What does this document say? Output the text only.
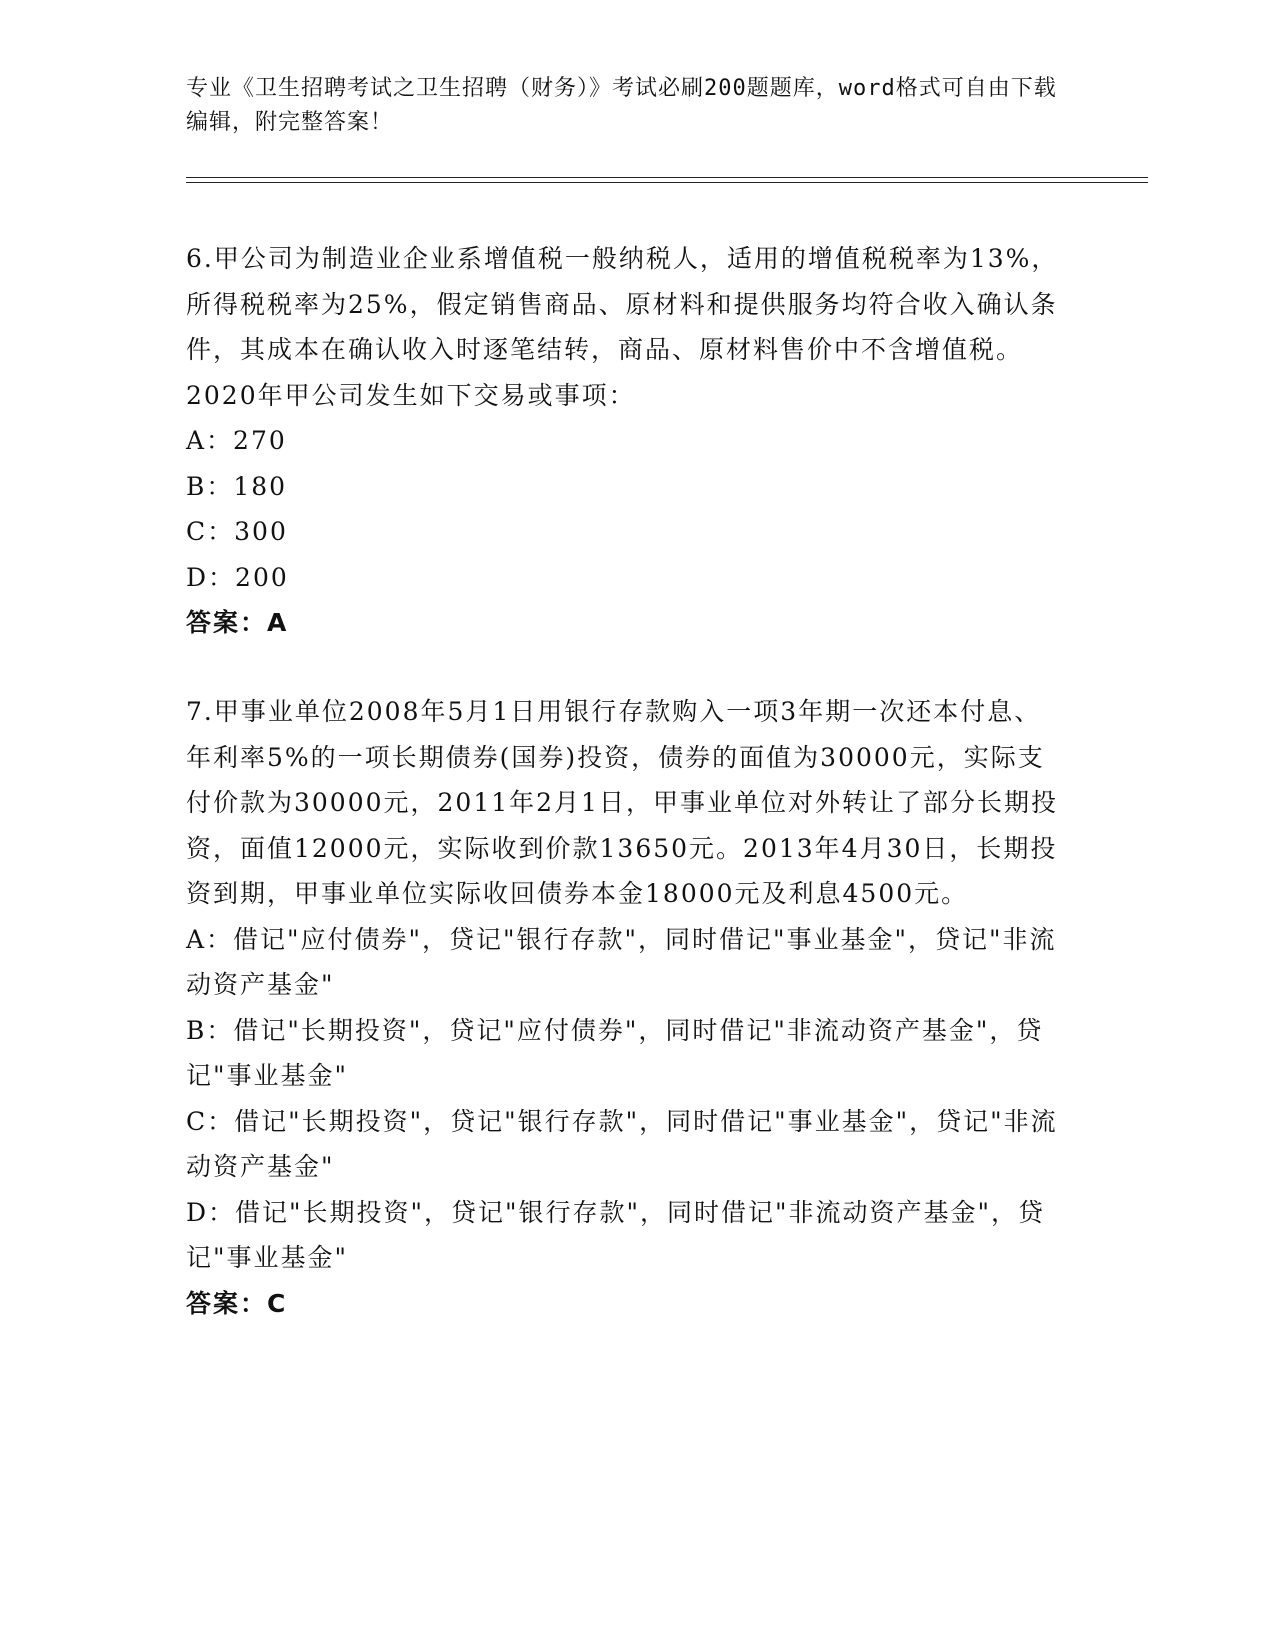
专业《卫生招聘考试之卫生招聘（财务）》考试必刷200题题库，word格式可自由下载编辑，附完整答案！

6.甲公司为制造业企业系增值税一般纳税人，适用的增值税税率为13%，所得税税率为25%，假定销售商品、原材料和提供服务均符合收入确认条件，其成本在确认收入时逐笔结转，商品、原材料售价中不含增值税。2020年甲公司发生如下交易或事项：

A：270

B：180

C：300

D：200

答案：A

7.甲事业单位2008年5月1日用银行存款购入一项3年期一次还本付息、年利率5%的一项长期债券(国券)投资，债券的面值为30000元，实际支付价款为30000元，2011年2月1日，甲事业单位对外转让了部分长期投资，面值12000元，实际收到价款13650元。2013年4月30日，长期投资到期，甲事业单位实际收回债券本金18000元及利息4500元。

A：借记"应付债券"，贷记"银行存款"，同时借记"事业基金"，贷记"非流动资产基金"

B：借记"长期投资"，贷记"应付债券"，同时借记"非流动资产基金"，贷记"事业基金"

C：借记"长期投资"，贷记"银行存款"，同时借记"事业基金"，贷记"非流动资产基金"

D：借记"长期投资"，贷记"银行存款"，同时借记"非流动资产基金"，贷记"事业基金"

答案：C
